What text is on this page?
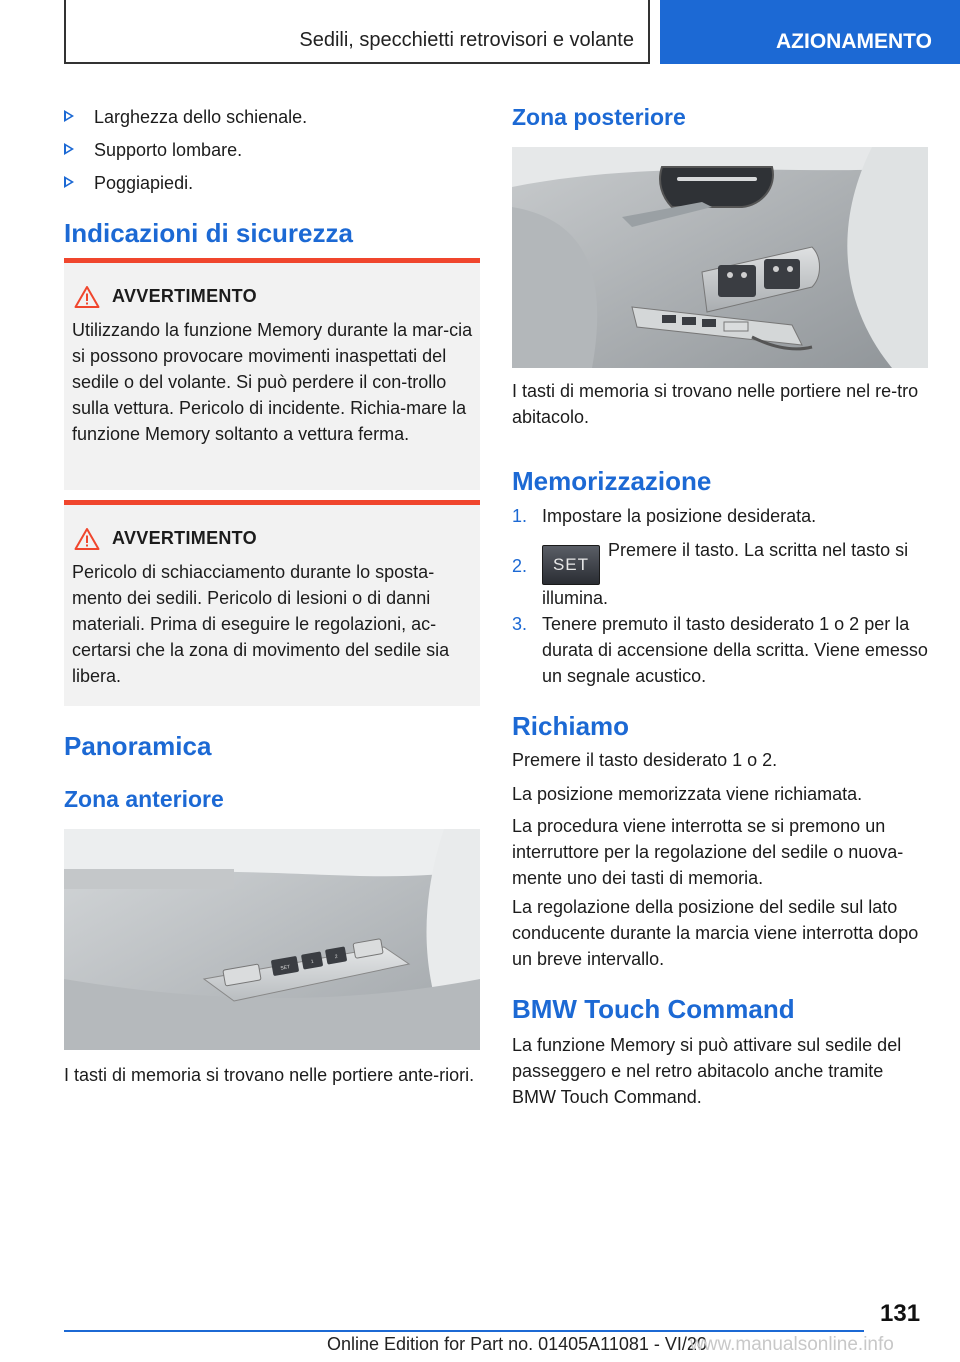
Sedili, specchietti retrovisori e volante	AZIONAMENTO
Larghezza dello schienale.
Supporto lombare.
Poggiapiedi.
Indicazioni di sicurezza
AVVERTIMENTO
Utilizzando la funzione Memory durante la mar-cia si possono provocare movimenti inaspettati del sedile o del volante. Si può perdere il con-trollo sulla vettura. Pericolo di incidente. Richia-mare la funzione Memory soltanto a vettura ferma.
AVVERTIMENTO
Pericolo di schiacciamento durante lo sposta-mento dei sedili. Pericolo di lesioni o di danni materiali. Prima di eseguire le regolazioni, ac-certarsi che la zona di movimento del sedile sia libera.
Panoramica
Zona anteriore
SET
1
2
I tasti di memoria si trovano nelle portiere ante-riori.
Zona posteriore
I tasti di memoria si trovano nelle portiere nel re-tro abitacolo.
Memorizzazione
1. Impostare la posizione desiderata.
2.	SETPremere il tasto. La scritta nel tasto si illumina.
3. Tenere premuto il tasto desiderato 1 o 2 per la durata di accensione della scritta. Viene emesso un segnale acustico.
Richiamo
Premere il tasto desiderato 1 o 2.
La posizione memorizzata viene richiamata.
La procedura viene interrotta se si premono un interruttore per la regolazione del sedile o nuova-mente uno dei tasti di memoria.
La regolazione della posizione del sedile sul lato conducente durante la marcia viene interrotta dopo un breve intervallo.
BMW Touch Command
La funzione Memory si può attivare sul sedile del passeggero e nel retro abitacolo anche tramite BMW Touch Command.
131
Online Edition for Part no. 01405A11081 - VI/20
www.manualsonline.info
